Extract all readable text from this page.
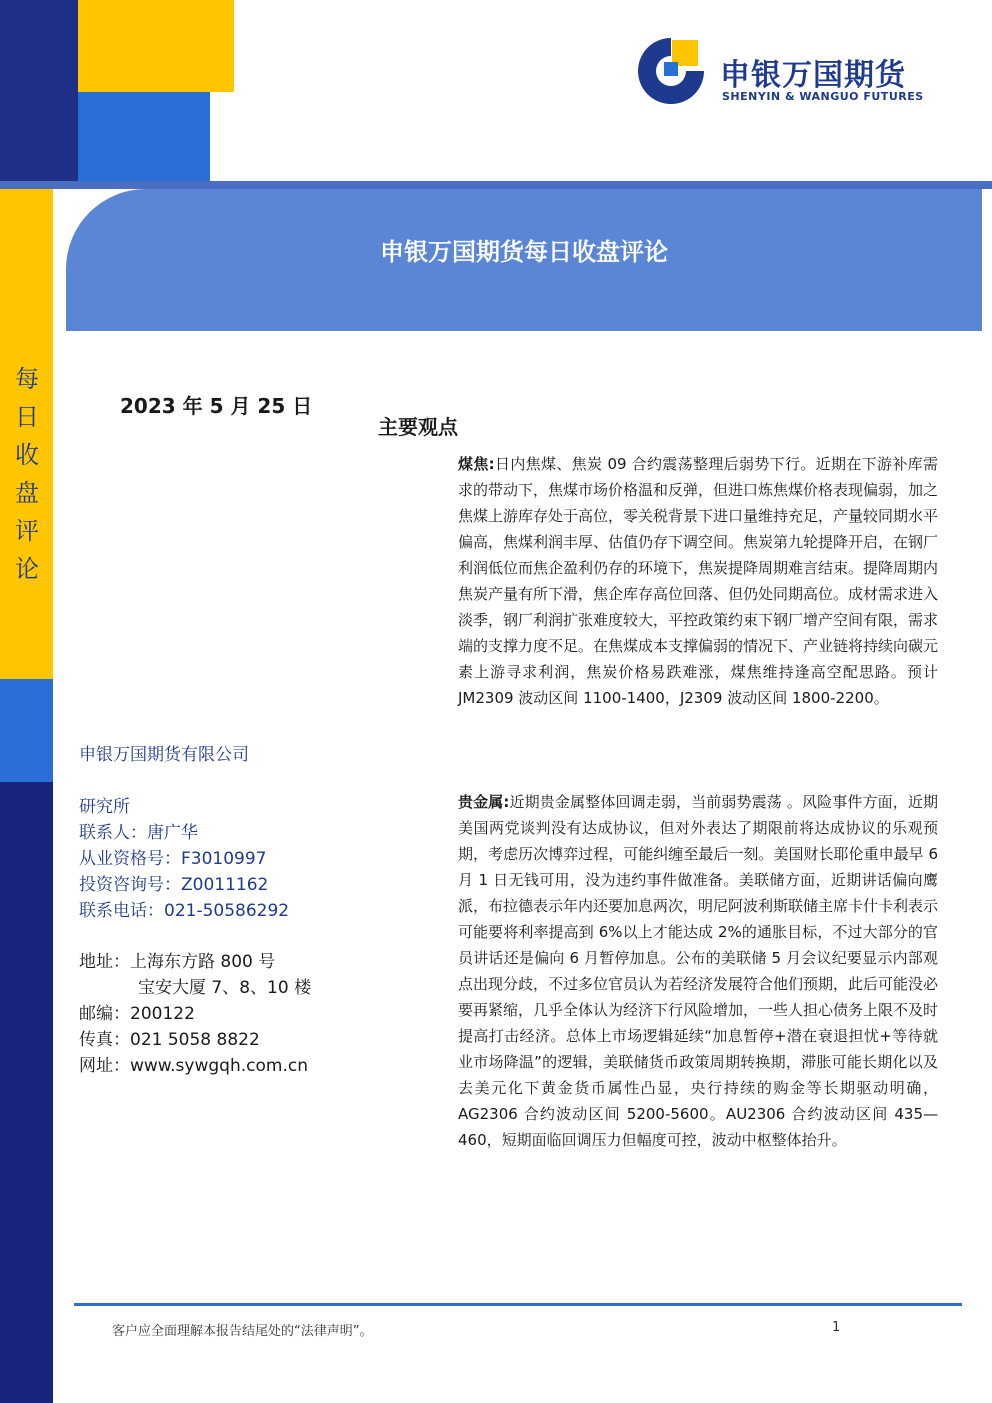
申银万国期货
SHENYIN & WANGUO FUTURES
每日收盘评论
申银万国期货每日收盘评论
2023 年 5 月 25 日
主要观点
煤焦:日内焦煤、焦炭 09 合约震荡整理后弱势下行。近期在下游补库需求的带动下，焦煤市场价格温和反弹，但进口炼焦煤价格表现偏弱，加之焦煤上游库存处于高位，零关税背景下进口量维持充足，产量较同期水平偏高，焦煤利润丰厚、估值仍存下调空间。焦炭第九轮提降开启，在钢厂利润低位而焦企盈利仍存的环境下，焦炭提降周期难言结束。提降周期内焦炭产量有所下滑，焦企库存高位回落、但仍处同期高位。成材需求进入淡季，钢厂利润扩张难度较大，平控政策约束下钢厂增产空间有限，需求端的支撑力度不足。在焦煤成本支撑偏弱的情况下、产业链将持续向碳元素上游寻求利润，焦炭价格易跌难涨，煤焦维持逢高空配思路。预计 JM2309 波动区间 1100-1400，J2309 波动区间 1800-2200。
贵金属:近期贵金属整体回调走弱，当前弱势震荡 。风险事件方面，近期美国两党谈判没有达成协议，但对外表达了期限前将达成协议的乐观预期，考虑历次博弈过程，可能纠缠至最后一刻。美国财长耶伦重申最早 6 月 1 日无钱可用，没为违约事件做准备。美联储方面，近期讲话偏向鹰派，布拉德表示年内还要加息两次，明尼阿波利斯联储主席卡什卡利表示可能要将利率提高到 6%以上才能达成 2%的通胀目标，不过大部分的官员讲话还是偏向 6 月暂停加息。公布的美联储 5 月会议纪要显示内部观点出现分歧，不过多位官员认为若经济发展符合他们预期，此后可能没必要再紧缩，几乎全体认为经济下行风险增加，一些人担心债务上限不及时提高打击经济。总体上市场逻辑延续“加息暂停+潜在衰退担忧+等待就业市场降温”的逻辑，美联储货币政策周期转换期，滞胀可能长期化以及去美元化下黄金货币属性凸显，央行持续的购金等长期驱动明确，AG2306 合约波动区间 5200-5600。AU2306 合约波动区间 435—460，短期面临回调压力但幅度可控，波动中枢整体抬升。
申银万国期货有限公司
研究所
联系人：唐广华
从业资格号：F3010997
投资咨询号：Z0011162
联系电话：021-50586292
地址：上海东方路 800 号
宝安大厦 7、8、10 楼
邮编：200122
传真：021 5058 8822
网址：www.sywgqh.com.cn
客户应全面理解本报告结尾处的“法律声明”。	1
